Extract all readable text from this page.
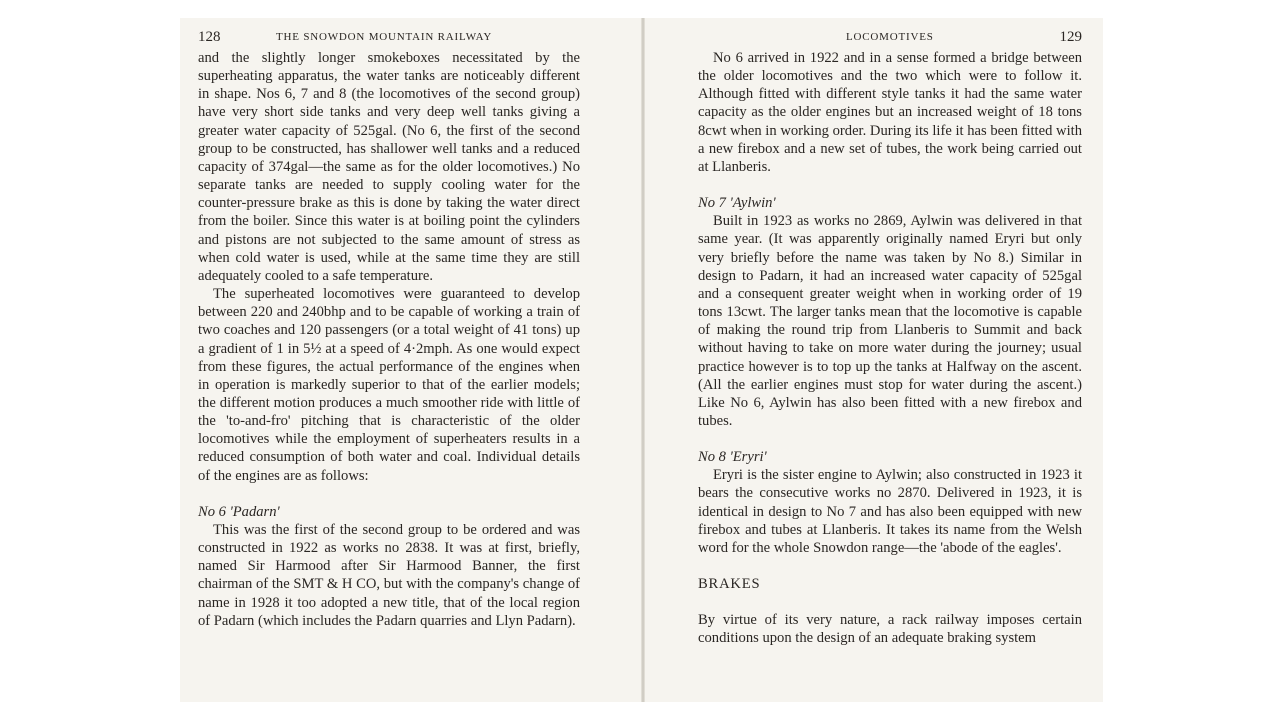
128	THE SNOWDON MOUNTAIN RAILWAY

and the slightly longer smokeboxes necessitated by the superheating apparatus, the water tanks are noticeably different in shape. Nos 6, 7 and 8 (the locomotives of the second group) have very short side tanks and very deep well tanks giving a greater water capacity of 525gal. (No 6, the first of the second group to be constructed, has shallower well tanks and a reduced capacity of 374gal—the same as for the older locomotives.) No separate tanks are needed to supply cooling water for the counter-pressure brake as this is done by taking the water direct from the boiler. Since this water is at boiling point the cylinders and pistons are not subjected to the same amount of stress as when cold water is used, while at the same time they are still adequately cooled to a safe temperature.

The superheated locomotives were guaranteed to develop between 220 and 240bhp and to be capable of working a train of two coaches and 120 passengers (or a total weight of 41 tons) up a gradient of 1 in 5½ at a speed of 4·2mph. As one would expect from these figures, the actual performance of the engines when in operation is markedly superior to that of the earlier models; the different motion produces a much smoother ride with little of the 'to-and-fro' pitching that is characteristic of the older locomotives while the employment of superheaters results in a reduced consumption of both water and coal. Individual details of the engines are as follows:

No 6 'Padarn'

This was the first of the second group to be ordered and was constructed in 1922 as works no 2838. It was at first, briefly, named Sir Harmood after Sir Harmood Banner, the first chairman of the SMT & H CO, but with the company's change of name in 1928 it too adopted a new title, that of the local region of Padarn (which includes the Padarn quarries and Llyn Padarn).

LOCOMOTIVES	129

No 6 arrived in 1922 and in a sense formed a bridge between the older locomotives and the two which were to follow it. Although fitted with different style tanks it had the same water capacity as the older engines but an increased weight of 18 tons 8cwt when in working order. During its life it has been fitted with a new firebox and a new set of tubes, the work being carried out at Llanberis.

No 7 'Aylwin'

Built in 1923 as works no 2869, Aylwin was delivered in that same year. (It was apparently originally named Eryri but only very briefly before the name was taken by No 8.) Similar in design to Padarn, it had an increased water capacity of 525gal and a consequent greater weight when in working order of 19 tons 13cwt. The larger tanks mean that the locomotive is capable of making the round trip from Llanberis to Summit and back without having to take on more water during the journey; usual practice however is to top up the tanks at Halfway on the ascent. (All the earlier engines must stop for water during the ascent.) Like No 6, Aylwin has also been fitted with a new firebox and tubes.

No 8 'Eryri'

Eryri is the sister engine to Aylwin; also constructed in 1923 it bears the consecutive works no 2870. Delivered in 1923, it is identical in design to No 7 and has also been equipped with new firebox and tubes at Llanberis. It takes its name from the Welsh word for the whole Snowdon range—the 'abode of the eagles'.

BRAKES

By virtue of its very nature, a rack railway imposes certain conditions upon the design of an adequate braking system
